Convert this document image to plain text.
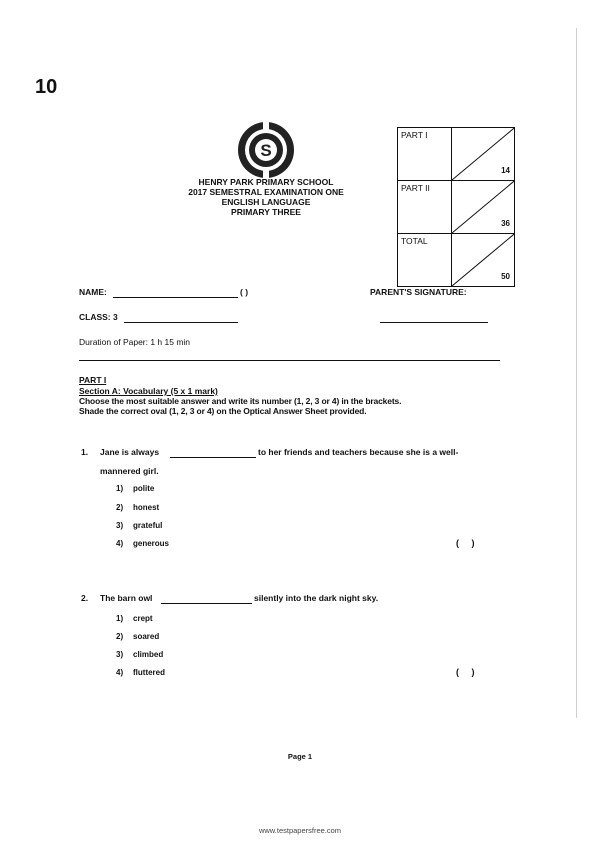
10
S
HENRY PARK PRIMARY SCHOOL
2017 SEMESTRAL EXAMINATION ONE
ENGLISH LANGUAGE
PRIMARY THREE
PART I	14

PART II	36

TOTAL	50
NAME:	( )	PARENT'S SIGNATURE:
CLASS: 3
Duration of Paper: 1 h 15 min
PART I
Section A: Vocabulary (5 x 1 mark)
Choose the most suitable answer and write its number (1, 2, 3 or 4) in the brackets.
Shade the correct oval (1, 2, 3 or 4) on the Optical Answer Sheet provided.
1. Jane is always	to her friends and teachers because she is a well-
mannered girl.
1) polite
2) honest
3) grateful
4) generous	(     )
2. The barn owl	silently into the dark night sky.
1) crept
2) soared
3) climbed
4) fluttered	(     )
Page 1
www.testpapersfree.com
